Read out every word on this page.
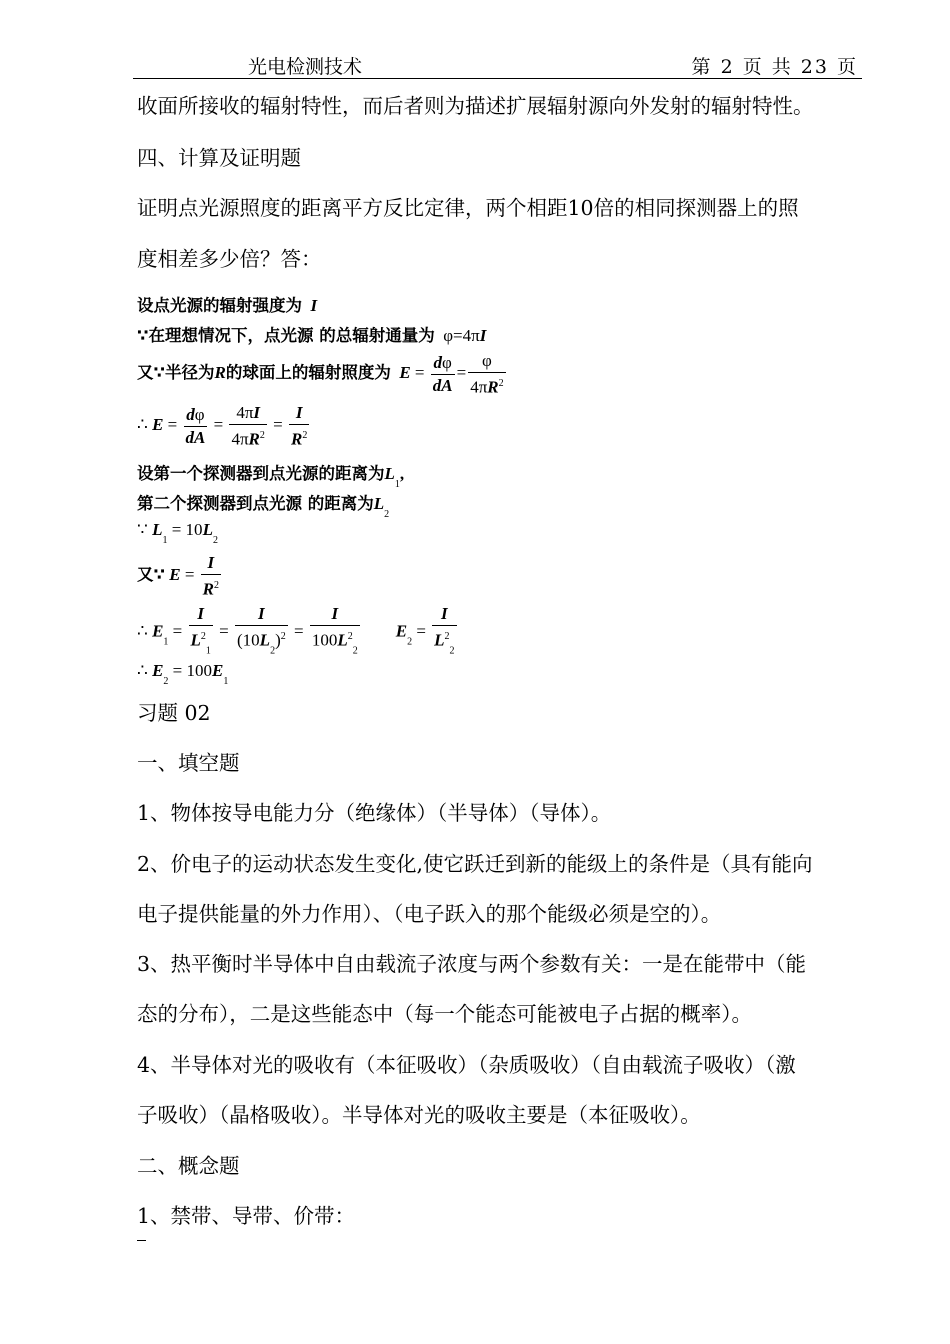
光电检测技术	第 2 页 共 23 页
收面所接收的辐射特性，而后者则为描述扩展辐射源向外发射的辐射特性。
四、计算及证明题
证明点光源照度的距离平方反比定律，两个相距10倍的相同探测器上的照
度相差多少倍？答：
设点光源的辐射强度为 I
∵在理想情况下，点光源 的总辐射通量为  φ=4πI
又∵半径为R的球面上的辐射照度为 $E = \frac{d\varphi}{dA} = \frac{\varphi}{4\pi R^2}$
∴ $E = \frac{d\varphi}{dA} = \frac{4\pi I}{4\pi R^2} = \frac{I}{R^2}$
设第一个探测器到点光源的距离为$L_1$,
第二个探测器到点光源 的距离为$L_2$
∵ $L_1 = 10L_2$
又∵ $E = \frac{I}{R^2}$
∴ $E_1 = \frac{I}{L^2_1} = \frac{I}{(10L_2)^2} = \frac{I}{100L^2_2} E_2 = \frac{I}{L^2_2}$
∴ $E_2 = 100E_1$
习题 02
一、填空题
1、物体按导电能力分（绝缘体）（半导体）（导体）。
2、价电子的运动状态发生变化,使它跃迁到新的能级上的条件是（具有能向
电子提供能量的外力作用）、（电子跃入的那个能级必须是空的）。
3、热平衡时半导体中自由载流子浓度与两个参数有关：一是在能带中（能
态的分布），二是这些能态中（每一个能态可能被电子占据的概率）。
4、半导体对光的吸收有（本征吸收）（杂质吸收）（自由载流子吸收）（激
子吸收）（晶格吸收）。半导体对光的吸收主要是（本征吸收）。
二、概念题
1、禁带、导带、价带：
